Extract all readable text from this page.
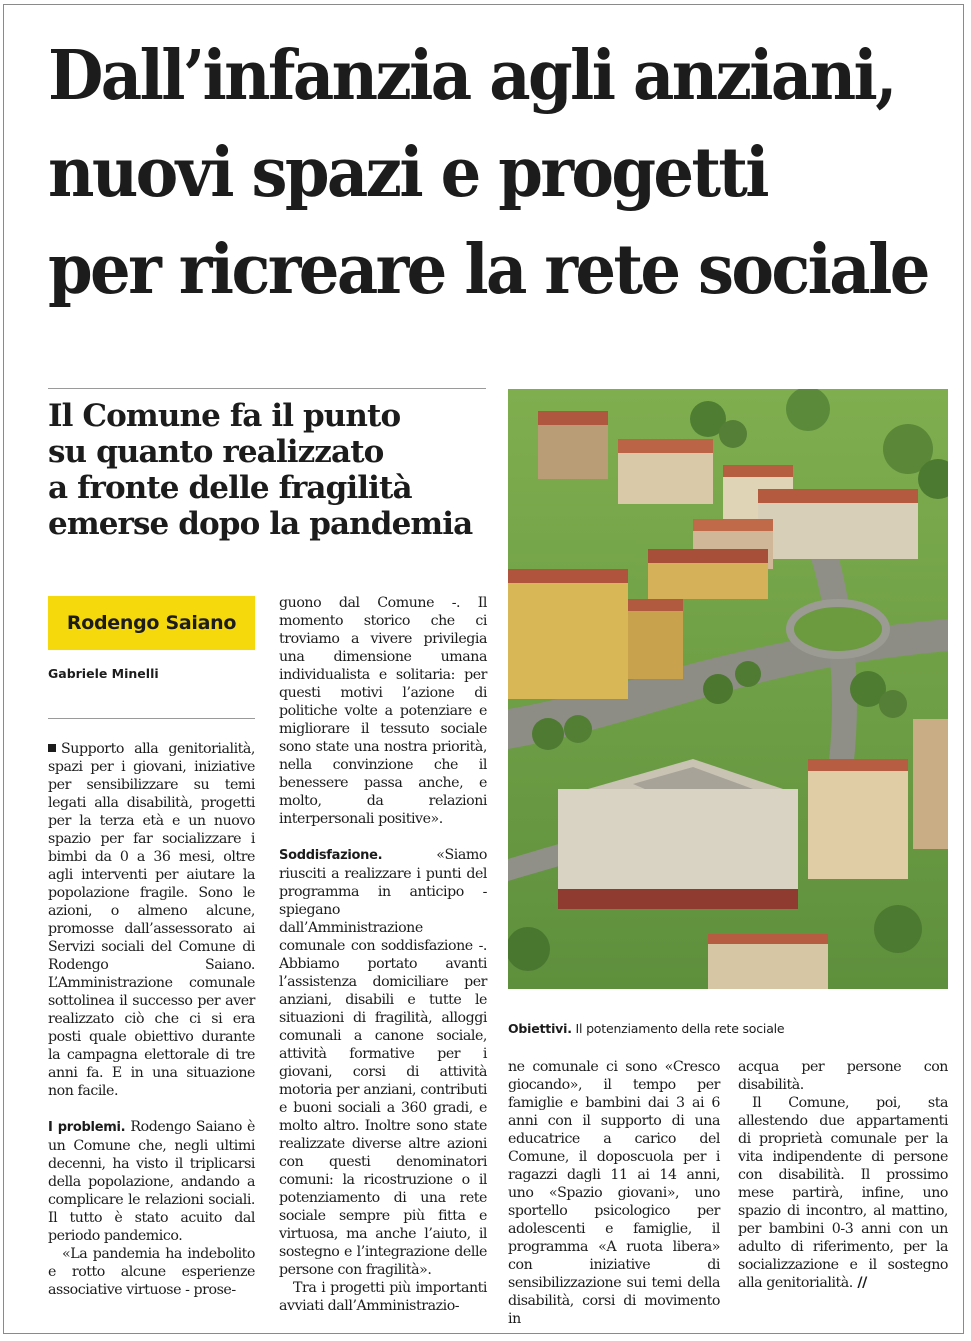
Dall’infanzia agli anziani,
nuovi spazi e progetti
per ricreare la rete sociale
Il Comune fa il punto
su quanto realizzato
a fronte delle fragilità
emerse dopo la pandemia
Rodengo Saiano
Gabriele Minelli

Supporto alla genitorialità, spazi per i giovani, iniziative per sensibilizzare su temi legati alla disabilità, progetti per la terza età e un nuovo spazio per far socializzare i bimbi da 0 a 36 mesi, oltre agli interventi per aiutare la popolazione fragile. Sono le azioni, o almeno alcune, promosse dall’assessorato ai Servizi sociali del Comune di Rodengo Saiano. L’Amministrazione comunale sottolinea il successo per aver realizzato ciò che ci si era posti quale obiettivo durante la campagna elettorale di tre anni fa. E in una situazione non facile.

I problemi. Rodengo Saiano è un Comune che, negli ultimi decenni, ha visto il triplicarsi della popolazione, andando a complicare le relazioni sociali. Il tutto è stato acuito dal periodo pandemico.

«La pandemia ha indebolito e rotto alcune esperienze associative virtuose - prose-

guono dal Comune -. Il momento storico che ci troviamo a vivere privilegia una dimensione umana individualista e solitaria: per questi motivi l’azione di politiche volte a potenziare e migliorare il tessuto sociale sono state una nostra priorità, nella convinzione che il benessere passa anche, e molto, da relazioni interpersonali positive».

Soddisfazione. «Siamo riusciti a realizzare i punti del programma in anticipo - spiegano dall’Amministrazione comunale con soddisfazione -. Abbiamo portato avanti l’assistenza domiciliare per anziani, disabili e tutte le situazioni di fragilità, alloggi comunali a canone sociale, attività formative per i giovani, corsi di attività motoria per anziani, contributi e buoni sociali a 360 gradi, e molto altro. Inoltre sono state realizzate diverse altre azioni con questi denominatori comuni: la ricostruzione o il potenziamento di una rete sociale sempre più fitta e virtuosa, ma anche l’aiuto, il sostegno e l’integrazione delle persone con fragilità».

Tra i progetti più importanti avviati dall’Amministrazio-

Obiettivi. Il potenziamento della rete sociale

ne comunale ci sono «Cresco giocando», il tempo per famiglie e bambini dai 3 ai 6 anni con il supporto di una educatrice a carico del Comune, il doposcuola per i ragazzi dagli 11 ai 14 anni, uno «Spazio giovani», uno sportello psicologico per adolescenti e famiglie, il programma «A ruota libera» con iniziative di sensibilizzazione sui temi della disabilità, corsi di movimento in

acqua per persone con disabilità.

Il Comune, poi, sta allestendo due appartamenti di proprietà comunale per la vita indipendente di persone con disabilità. Il prossimo mese partirà, infine, uno spazio di incontro, al mattino, per bambini 0-3 anni con un adulto di riferimento, per la socializzazione e il sostegno alla genitorialità. //
